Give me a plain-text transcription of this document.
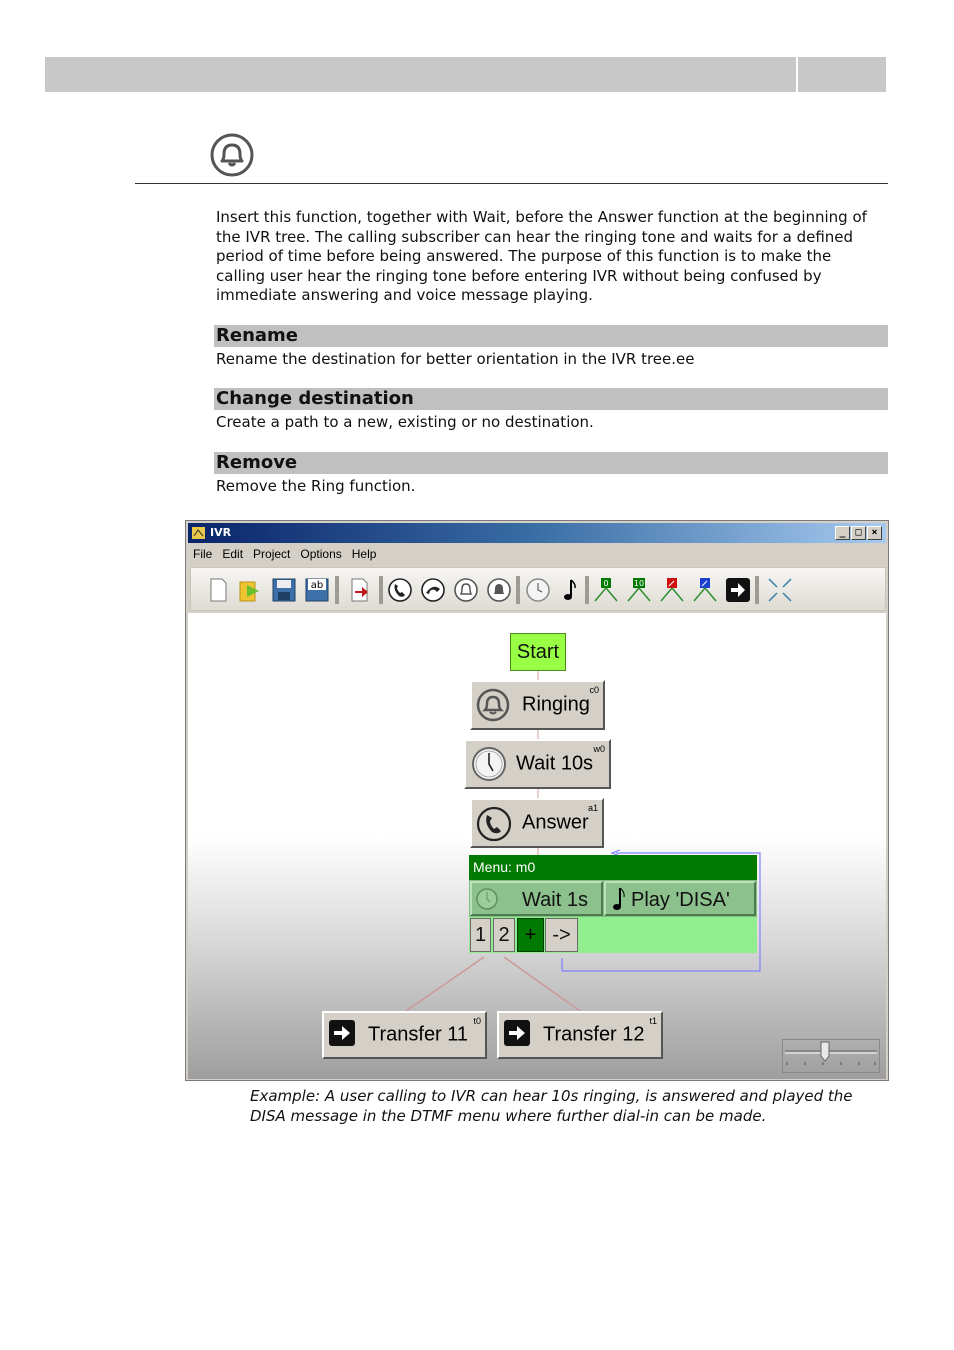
Insert this function, together with Wait, before the Answer function at the beginning of the IVR tree. The calling subscriber can hear the ringing tone and waits for a defined period of time before being answered. The purpose of this function is to make the calling user hear the ringing tone before entering IVR without being confused by immediate answering and voice message playing.

Rename

Rename the destination for better orientation in the IVR tree.ee

Change destination

Create a path to a new, existing or no destination.

Remove

Remove the Ring function.

IVR	_ □ ×
File Edit Project Options Help
ab	0	10
Start
Ringing
c0
Wait 10s
w0
Answer
a1
Menu: m0
Wait 1s Play 'DISA'
1 2 + ->
Transfer 11
t0
Transfer 12
t1

Example: A user calling to IVR can hear 10s ringing, is answered and played the DISA message in the DTMF menu where further dial-in can be made.
